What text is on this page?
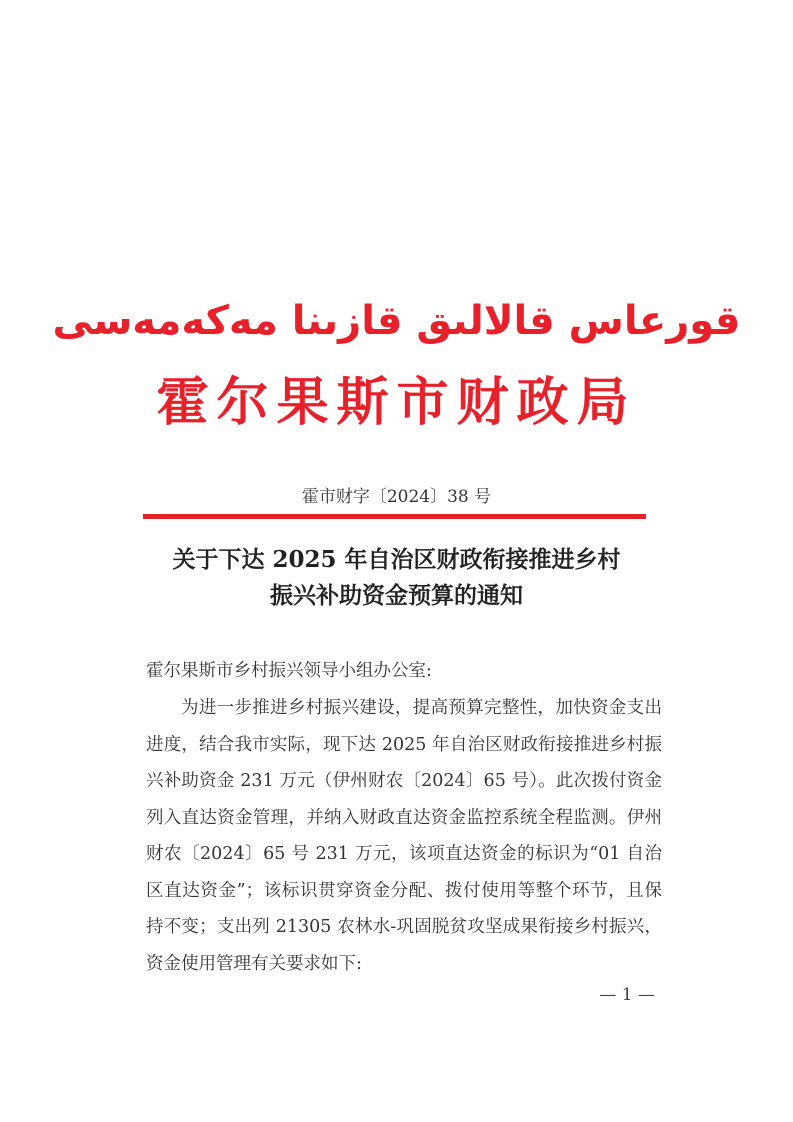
قورعاس قالالىق قازىنا مەكەمەسى
霍尔果斯市财政局
霍市财字〔2024〕38 号
关于下达 2025 年自治区财政衔接推进乡村
振兴补助资金预算的通知
霍尔果斯市乡村振兴领导小组办公室:
为进一步推进乡村振兴建设，提高预算完整性，加快资金支出进度，结合我市实际，现下达 2025 年自治区财政衔接推进乡村振兴补助资金 231 万元（伊州财农〔2024〕65 号）。此次拨付资金列入直达资金管理，并纳入财政直达资金监控系统全程监测。伊州财农〔2024〕65 号 231 万元，该项直达资金的标识为“01 自治区直达资金”；该标识贯穿资金分配、拨付使用等整个环节，且保持不变；支出列 21305 农林水-巩固脱贫攻坚成果衔接乡村振兴，资金使用管理有关要求如下:
— 1 —
